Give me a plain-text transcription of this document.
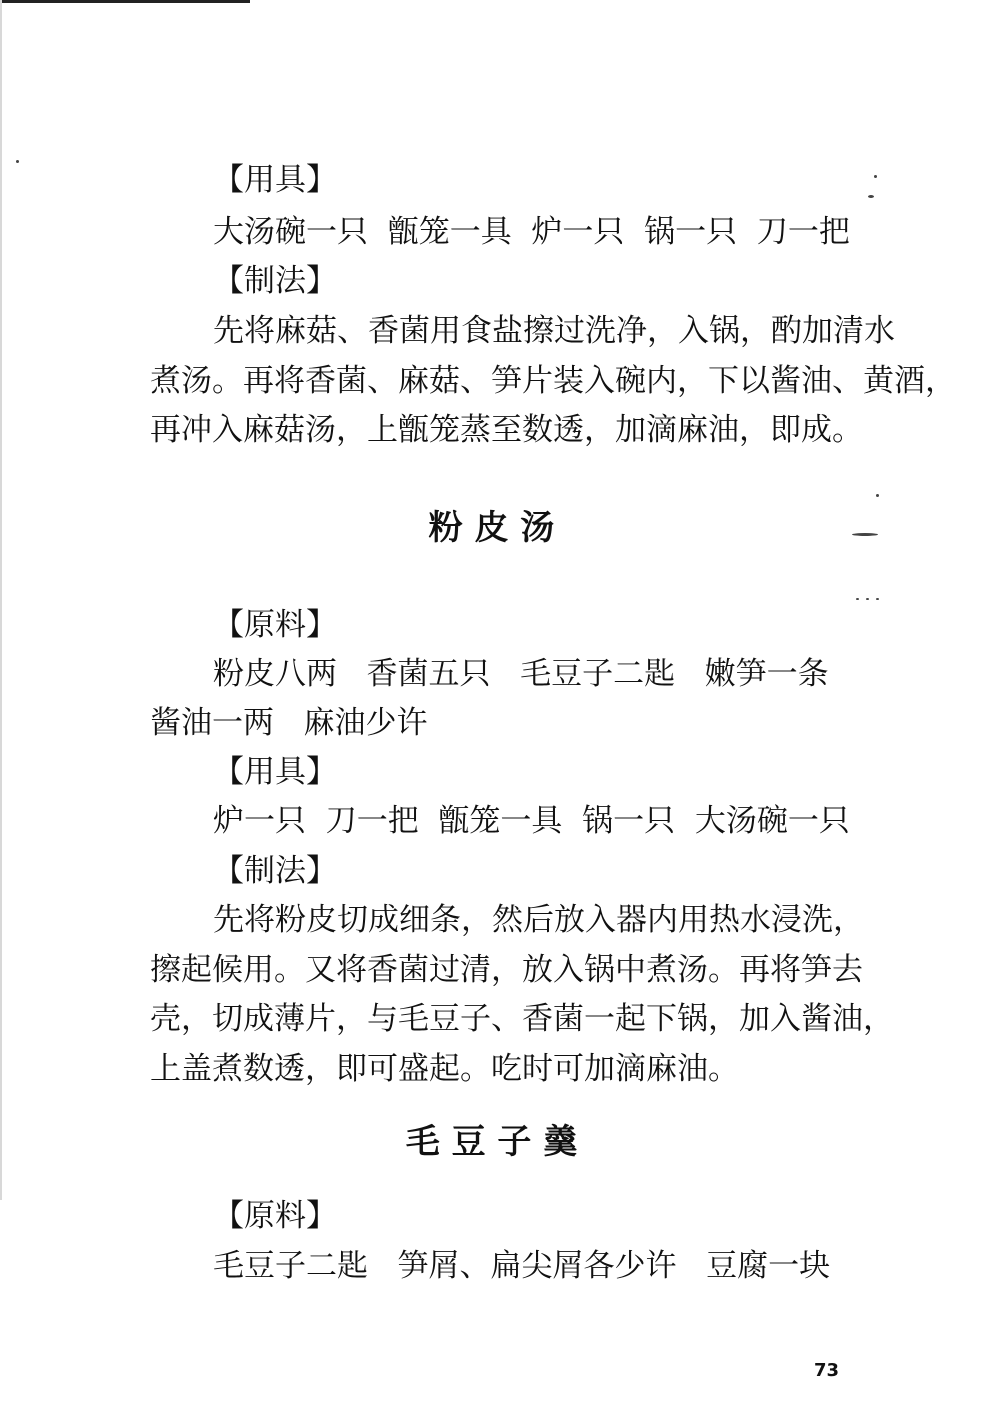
【用具】

大汤碗一只  甑笼一具  炉一只  锅一只  刀一把

【制法】

先将麻菇、香菌用食盐擦过洗净，入锅，酌加清水

煮汤。再将香菌、麻菇、笋片装入碗内，下以酱油、黄酒，

再冲入麻菇汤，上甑笼蒸至数透，加滴麻油，即成。

粉 皮 汤

【原料】

粉皮八两   香菌五只   毛豆子二匙   嫩笋一条

酱油一两   麻油少许

【用具】

炉一只  刀一把  甑笼一具  锅一只  大汤碗一只

【制法】

先将粉皮切成细条，然后放入器内用热水浸洗，

擦起候用。又将香菌过清，放入锅中煮汤。再将笋去

壳，切成薄片，与毛豆子、香菌一起下锅，加入酱油，

上盖煮数透，即可盛起。吃时可加滴麻油。

毛 豆 子 羹

【原料】

毛豆子二匙   笋屑、扁尖屑各少许   豆腐一块

73
